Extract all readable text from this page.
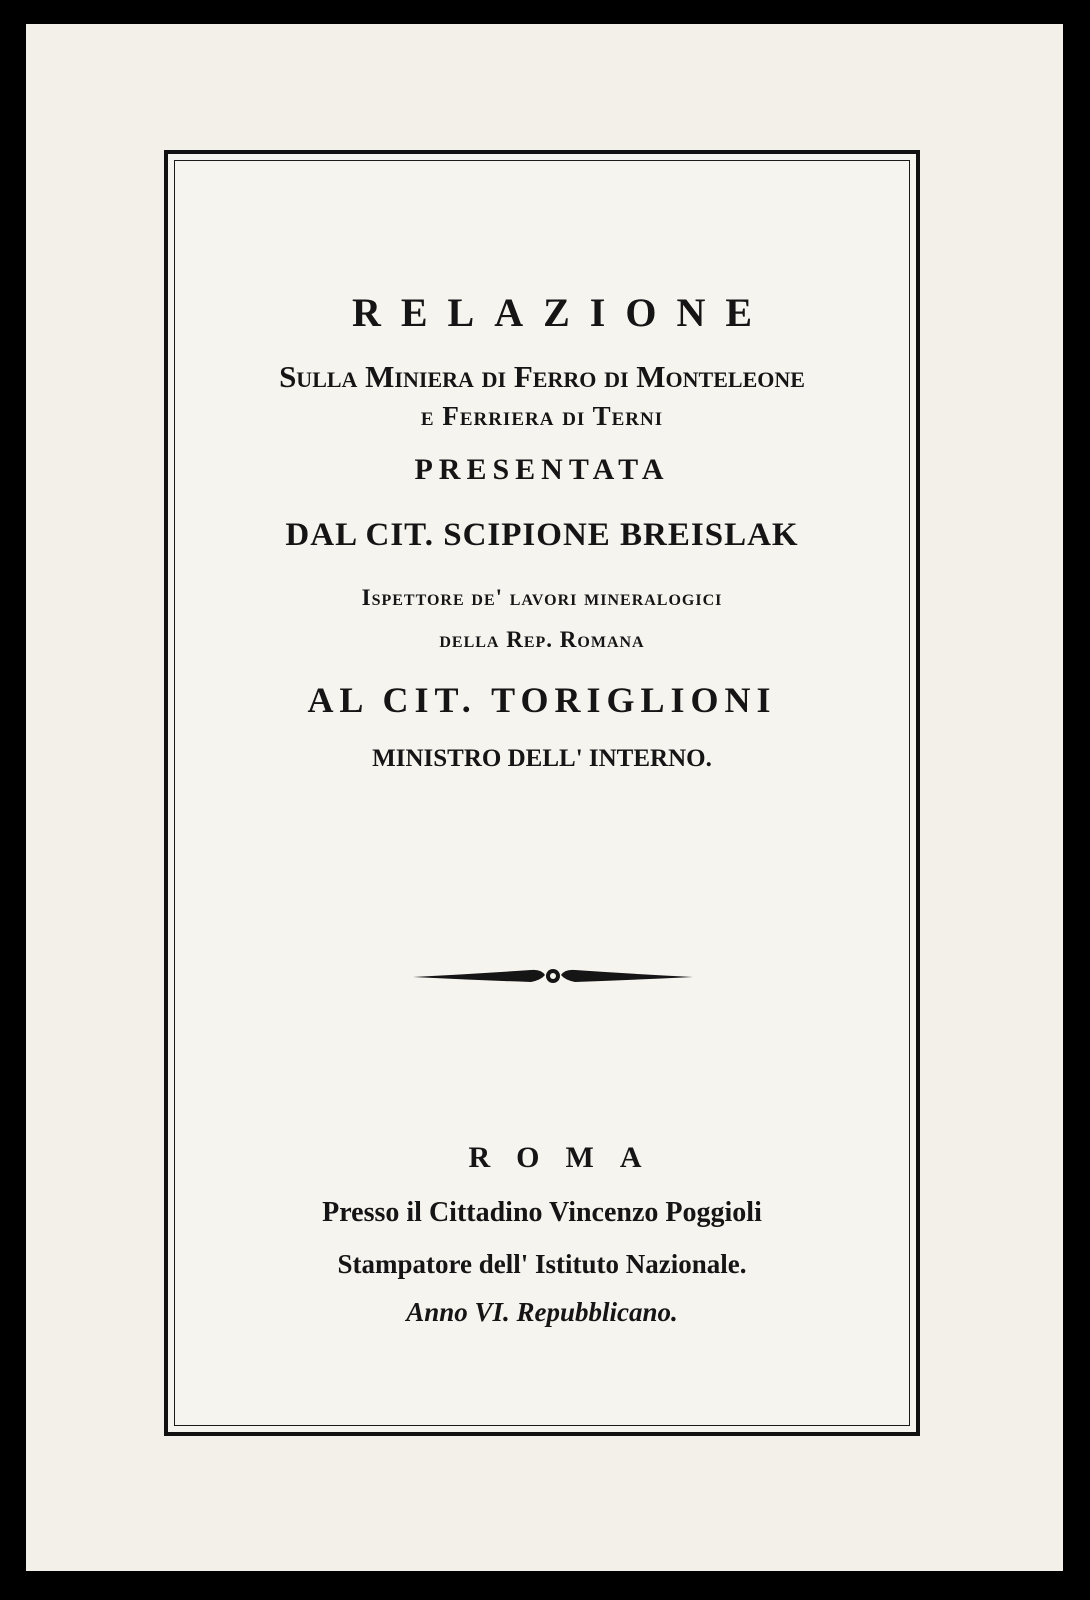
RELAZIONE
Sulla Miniera di Ferro di Monteleone
e Ferriera di Terni
PRESENTATA
DAL CIT. SCIPIONE BREISLAK
Ispettore de' lavori mineralogici
della Rep. Romana
AL CIT. TORIGLIONI
MINISTRO DELL' INTERNO.
ROMA
Presso il Cittadino Vincenzo Poggioli
Stampatore dell' Istituto Nazionale.
Anno VI. Repubblicano.
